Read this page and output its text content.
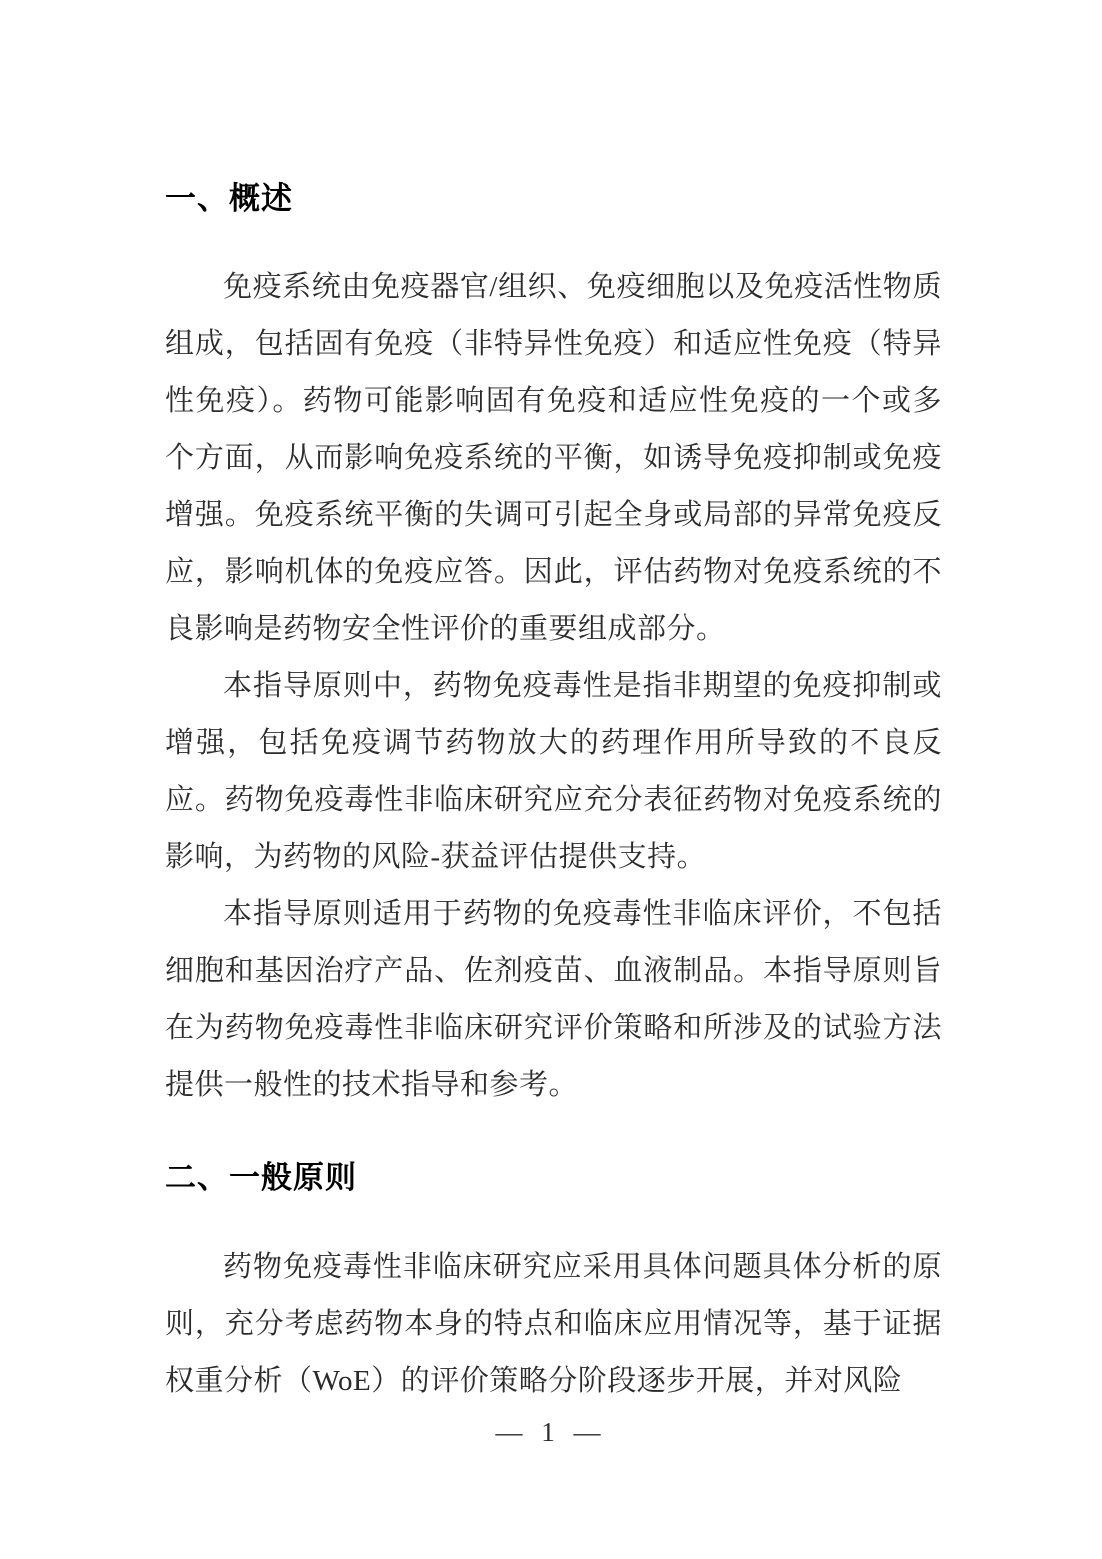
一、概述

免疫系统由免疫器官/组织、免疫细胞以及免疫活性物质组成，包括固有免疫（非特异性免疫）和适应性免疫（特异性免疫）。药物可能影响固有免疫和适应性免疫的一个或多个方面，从而影响免疫系统的平衡，如诱导免疫抑制或免疫增强。免疫系统平衡的失调可引起全身或局部的异常免疫反应，影响机体的免疫应答。因此，评估药物对免疫系统的不良影响是药物安全性评价的重要组成部分。

本指导原则中，药物免疫毒性是指非期望的免疫抑制或增强，包括免疫调节药物放大的药理作用所导致的不良反应。药物免疫毒性非临床研究应充分表征药物对免疫系统的影响，为药物的风险-获益评估提供支持。

本指导原则适用于药物的免疫毒性非临床评价，不包括细胞和基因治疗产品、佐剂疫苗、血液制品。本指导原则旨在为药物免疫毒性非临床研究评价策略和所涉及的试验方法提供一般性的技术指导和参考。

二、一般原则

药物免疫毒性非临床研究应采用具体问题具体分析的原则，充分考虑药物本身的特点和临床应用情况等，基于证据权重分析（WoE）的评价策略分阶段逐步开展，并对风险

— 1 —
